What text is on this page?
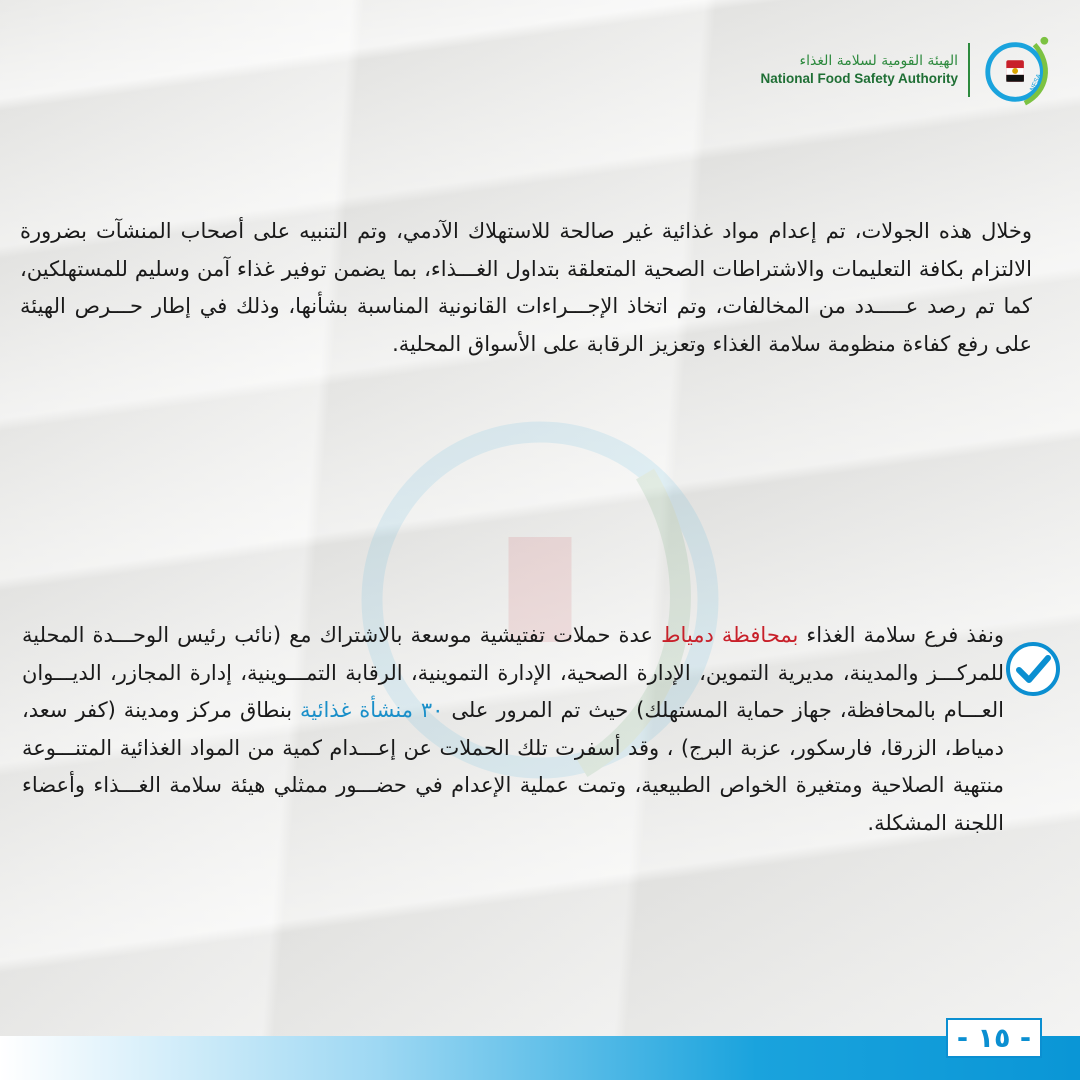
الهيئة القومية لسلامة الغذاء
National Food Safety Authority	NFSA

وخلال هذه الجولات، تم إعدام مواد غذائية غير صالحة للاستهلاك الآدمي، وتم التنبيه على أصحاب المنشآت بضرورة الالتزام بكافة التعليمات والاشتراطات الصحية المتعلقة بتداول الغـــذاء، بما يضمن توفير غذاء آمن وسليم للمستهلكين، كما تم رصد عـــــدد من المخالفات، وتم اتخاذ الإجـــراءات القانونية المناسبة بشأنها، وذلك في إطار حـــرص الهيئة على رفع كفاءة منظومة سلامة الغذاء وتعزيز الرقابة على الأسواق المحلية.

ونفذ فرع سلامة الغذاء بمحافظة دمياط عدة حملات تفتيشية موسعة بالاشتراك مع (نائب رئيس الوحـــدة المحلية للمركـــز والمدينة، مديرية التموين، الإدارة الصحية، الإدارة التموينية، الرقابة التمـــوينية، إدارة المجازر، الديـــوان العـــام بالمحافظة، جهاز حماية المستهلك) حيث تم المرور على ٣٠ منشأة غذائية بنطاق مركز ومدينة (كفر سعد، دمياط، الزرقا، فارسكور، عزبة البرج) ، وقد أسفرت تلك الحملات عن إعـــدام كمية من المواد الغذائية المتنـــوعة منتهية الصلاحية ومتغيرة الخواص الطبيعية، وتمت عملية الإعدام في حضـــور ممثلي هيئة سلامة الغـــذاء وأعضاء اللجنة المشكلة.

- ١٥ -
